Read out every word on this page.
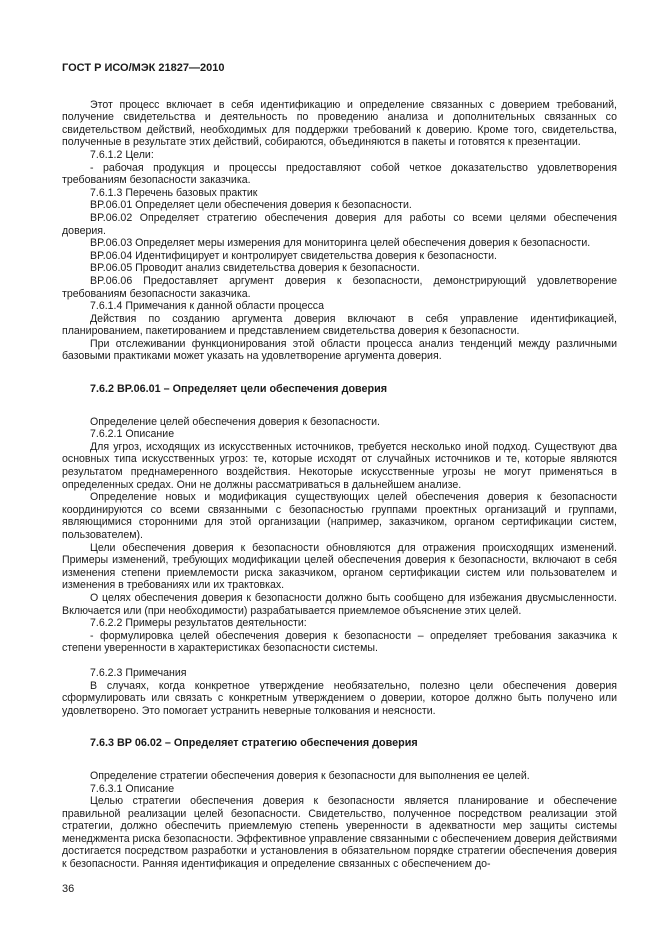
ГОСТ Р ИСО/МЭК 21827—2010

Этот процесс включает в себя идентификацию и определение связанных с доверием требований, получение свидетельства и деятельность по проведению анализа и дополнительных связанных со свидетельством действий, необходимых для поддержки требований к доверию. Кроме того, свидетельства, полученные в результате этих действий, собираются, объединяются в пакеты и готовятся к презентации.

7.6.1.2 Цели:

- рабочая продукция и процессы предоставляют собой четкое доказательство удовлетворения требованиям безопасности заказчика.

7.6.1.3 Перечень базовых практик

BP.06.01 Определяет цели обеспечения доверия к безопасности.

BP.06.02 Определяет стратегию обеспечения доверия для работы со всеми целями обеспечения доверия.

BP.06.03 Определяет меры измерения для мониторинга целей обеспечения доверия к безопасности.

BP.06.04 Идентифицирует и контролирует свидетельства доверия к безопасности.

BP.06.05 Проводит анализ свидетельства доверия к безопасности.

BP.06.06 Предоставляет аргумент доверия к безопасности, демонстрирующий удовлетворение требованиям безопасности заказчика.

7.6.1.4 Примечания к данной области процесса

Действия по созданию аргумента доверия включают в себя управление идентификацией, планированием, пакетированием и представлением свидетельства доверия к безопасности.

При отслеживании функционирования этой области процесса анализ тенденций между различными базовыми практиками может указать на удовлетворение аргумента доверия.

7.6.2 BP.06.01 – Определяет цели обеспечения доверия

Определение целей обеспечения доверия к безопасности.

7.6.2.1 Описание

Для угроз, исходящих из искусственных источников, требуется несколько иной подход. Существуют два основных типа искусственных угроз: те, которые исходят от случайных источников и те, которые являются результатом преднамеренного воздействия. Некоторые искусственные угрозы не могут применяться в определенных средах. Они не должны рассматриваться в дальнейшем анализе.

Определение новых и модификация существующих целей обеспечения доверия к безопасности координируются со всеми связанными с безопасностью группами проектных организаций и группами, являющимися сторонними для этой организации (например, заказчиком, органом сертификации систем, пользователем).

Цели обеспечения доверия к безопасности обновляются для отражения происходящих изменений. Примеры изменений, требующих модификации целей обеспечения доверия к безопасности, включают в себя изменения степени приемлемости риска заказчиком, органом сертификации систем или пользователем и изменения в требованиях или их трактовках.

О целях обеспечения доверия к безопасности должно быть сообщено для избежания двусмысленности. Включается или (при необходимости) разрабатывается приемлемое объяснение этих целей.

7.6.2.2 Примеры результатов деятельности:

- формулировка целей обеспечения доверия к безопасности – определяет требования заказчика к степени уверенности в характеристиках безопасности системы.

7.6.2.3 Примечания

В случаях, когда конкретное утверждение необязательно, полезно цели обеспечения доверия сформулировать или связать с конкретным утверждением о доверии, которое должно быть получено или удовлетворено. Это помогает устранить неверные толкования и неясности.

7.6.3 BP 06.02 – Определяет стратегию обеспечения доверия

Определение стратегии обеспечения доверия к безопасности для выполнения ее целей.

7.6.3.1 Описание

Целью стратегии обеспечения доверия к безопасности является планирование и обеспечение правильной реализации целей безопасности. Свидетельство, полученное посредством реализации этой стратегии, должно обеспечить приемлемую степень уверенности в адекватности мер защиты системы менеджмента риска безопасности. Эффективное управление связанными с обеспечением доверия действиями достигается посредством разработки и установления в обязательном порядке стратегии обеспечения доверия к безопасности. Ранняя идентификация и определение связанных с обеспечением до-

36
